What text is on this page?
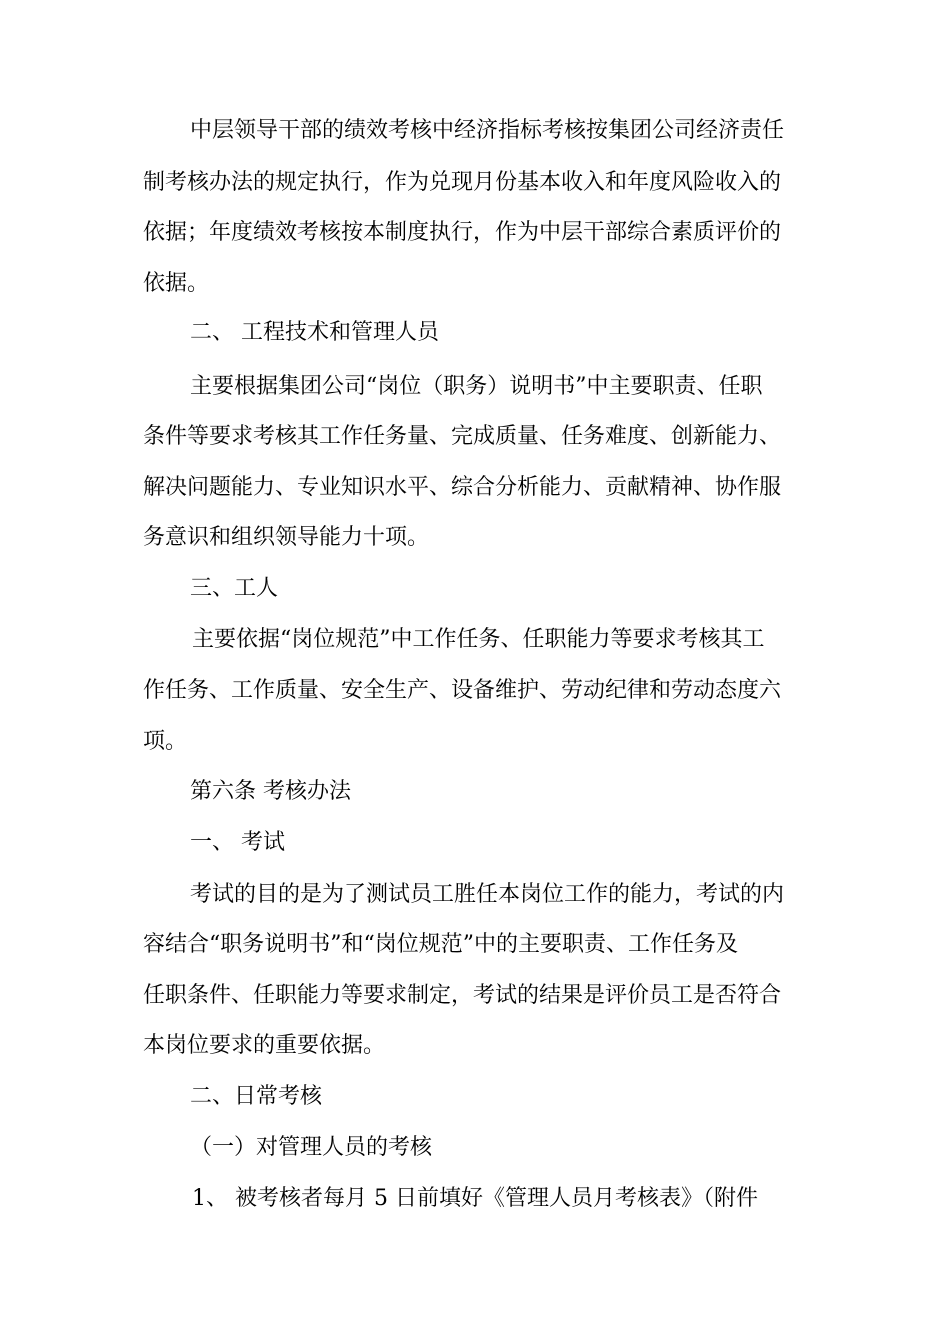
中层领导干部的绩效考核中经济指标考核按集团公司经济责任
制考核办法的规定执行，作为兑现月份基本收入和年度风险收入的
依据；年度绩效考核按本制度执行，作为中层干部综合素质评价的
依据。
二、 工程技术和管理人员
主要根据集团公司“岗位（职务）说明书”中主要职责、任职
条件等要求考核其工作任务量、完成质量、任务难度、创新能力、
解决问题能力、专业知识水平、综合分析能力、贡献精神、协作服
务意识和组织领导能力十项。
三、工人
主要依据“岗位规范”中工作任务、任职能力等要求考核其工
作任务、工作质量、安全生产、设备维护、劳动纪律和劳动态度六
项。
第六条 考核办法
一、 考试
考试的目的是为了测试员工胜任本岗位工作的能力，考试的内
容结合“职务说明书”和“岗位规范”中的主要职责、工作任务及
任职条件、任职能力等要求制定，考试的结果是评价员工是否符合
本岗位要求的重要依据。
二、日常考核
（一）对管理人员的考核
1、 被考核者每月 5 日前填好《管理人员月考核表》（附件
